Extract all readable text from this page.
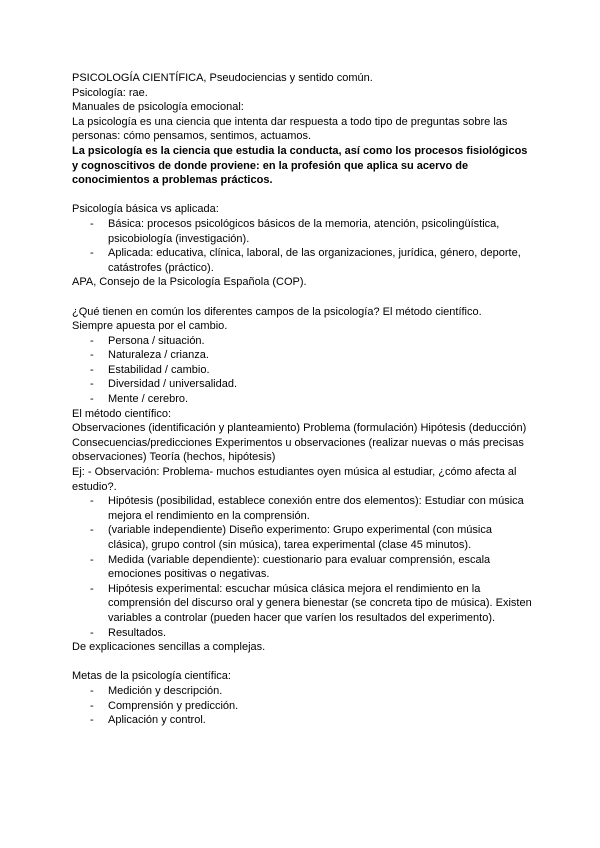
PSICOLOGÍA CIENTÍFICA, Pseudociencias y sentido común.

Psicología: rae.

Manuales de psicología emocional:

La psicología es una ciencia que intenta dar respuesta a todo tipo de preguntas sobre las personas: cómo pensamos, sentimos, actuamos.

La psicología es la ciencia que estudia la conducta, así como los procesos fisiológicos y cognoscitivos de donde proviene: en la profesión que aplica su acervo de conocimientos a problemas prácticos.

Psicología básica vs aplicada:

- Básica: procesos psicológicos básicos de la memoria, atención, psicolingüística, psicobiología (investigación).
- Aplicada: educativa, clínica, laboral, de las organizaciones, jurídica, género, deporte, catástrofes (práctico).

APA, Consejo de la Psicología Española (COP).

¿Qué tienen en común los diferentes campos de la psicología? El método científico.

Siempre apuesta por el cambio.

- Persona / situación.
- Naturaleza / crianza.
- Estabilidad / cambio.
- Diversidad / universalidad.
- Mente / cerebro.

El método científico:

Observaciones (identificación y planteamiento) Problema (formulación) Hipótesis (deducción) Consecuencias/predicciones Experimentos u observaciones (realizar nuevas o más precisas observaciones) Teoría (hechos, hipótesis)

Ej: - Observación: Problema- muchos estudiantes oyen música al estudiar, ¿cómo afecta al estudio?.

- Hipótesis (posibilidad, establece conexión entre dos elementos): Estudiar con música mejora el rendimiento en la comprensión.
- (variable independiente) Diseño experimento: Grupo experimental (con música clásica), grupo control (sin música), tarea experimental (clase 45 minutos).
- Medida (variable dependiente): cuestionario para evaluar comprensión, escala emociones positivas o negativas.
- Hipótesis experimental: escuchar música clásica mejora el rendimiento en la comprensión del discurso oral y genera bienestar (se concreta tipo de música). Existen variables a controlar (pueden hacer que varíen los resultados del experimento).
- Resultados.

De explicaciones sencillas a complejas.

Metas de la psicología científica:

- Medición y descripción.
- Comprensión y predicción.
- Aplicación y control.
